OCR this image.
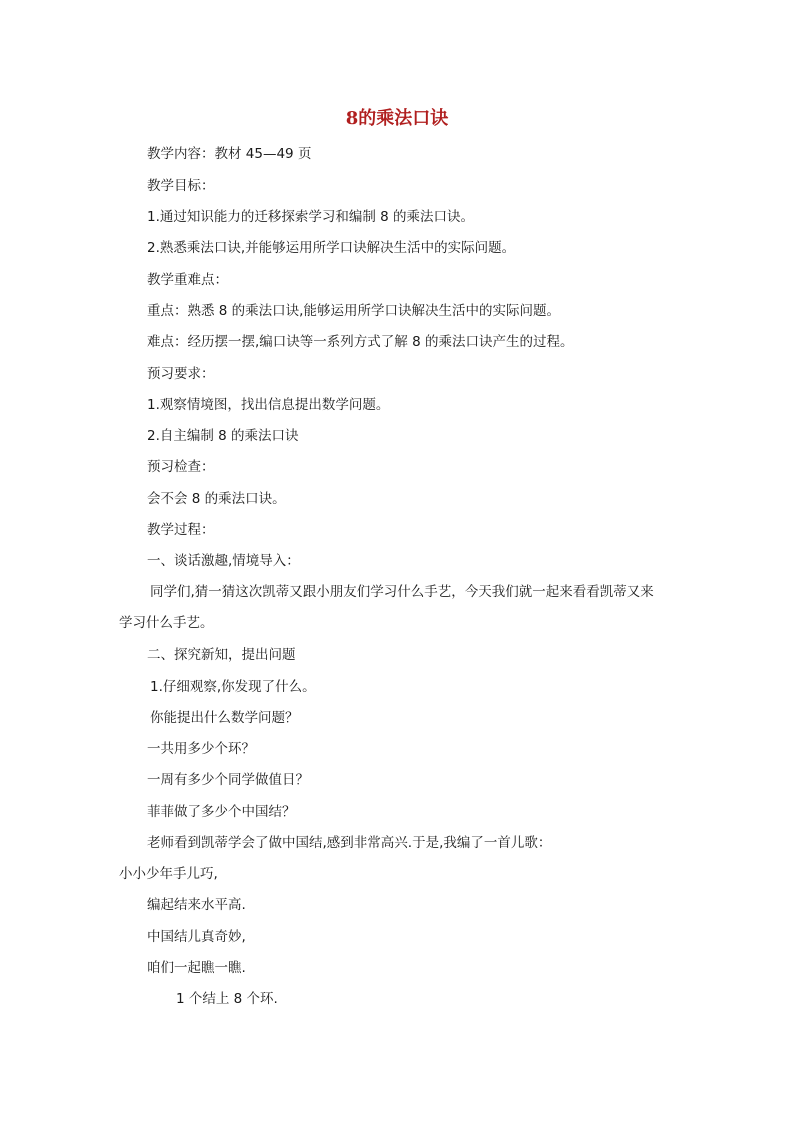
8的乘法口诀
教学内容：教材 45—49 页
教学目标：
1.通过知识能力的迁移探索学习和编制 8 的乘法口诀。
2.熟悉乘法口诀,并能够运用所学口诀解决生活中的实际问题。
教学重难点：
重点：熟悉 8 的乘法口诀,能够运用所学口诀解决生活中的实际问题。
难点：经历摆一摆,编口诀等一系列方式了解 8 的乘法口诀产生的过程。
预习要求：
1.观察情境图，找出信息提出数学问题。
2.自主编制 8 的乘法口诀
预习检查：
会不会 8 的乘法口诀。
教学过程：
一、谈话激趣,情境导入：
同学们,猜一猜这次凯蒂又跟小朋友们学习什么手艺，今天我们就一起来看看凯蒂又来
学习什么手艺。
二、探究新知，提出问题
1.仔细观察,你发现了什么。
你能提出什么数学问题？
一共用多少个环？
一周有多少个同学做值日？
菲菲做了多少个中国结？
老师看到凯蒂学会了做中国结,感到非常高兴.于是,我编了一首儿歌：
小小少年手儿巧,
编起结来水平高.
中国结儿真奇妙,
咱们一起瞧一瞧.
1 个结上 8 个环.
